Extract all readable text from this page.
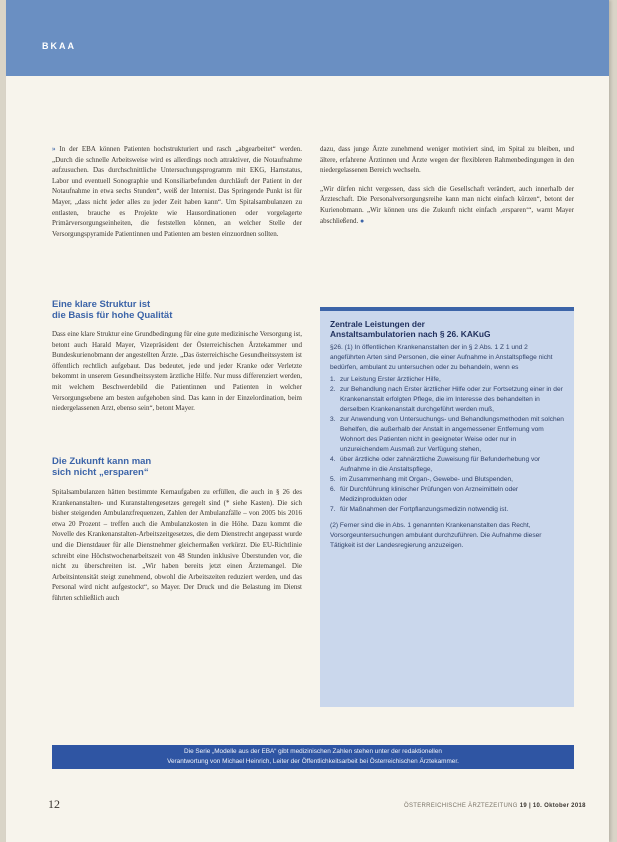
BKAA

» In der EBA können Patienten hochstrukturiert und rasch „abgearbeitet“ werden. „Durch die schnelle Arbeitsweise wird es allerdings noch attraktiver, die Notaufnahme aufzusuchen. Das durchschnittliche Untersuchungsprogramm mit EKG, Harnstatus, Labor und eventuell Sonographie und Konsiliarbefunden durchläuft der Patient in der Notaufnahme in etwa sechs Stunden“, weiß der Internist. Das Springende Punkt ist für Mayer, „dass nicht jeder alles zu jeder Zeit haben kann“. Um Spitalsambulanzen zu entlasten, brauche es Projekte wie Hausordinationen oder vorgelagerte Primärversorgungseinheiten, die feststellen können, an welcher Stelle der Versorgungspyramide Patientinnen und Patienten am besten einzuordnen sollten.

Eine klare Struktur ist

die Basis für hohe Qualität

Dass eine klare Struktur eine Grundbedingung für eine gute medizinische Versorgung ist, betont auch Harald Mayer, Vizepräsident der Österreichischen Ärztekammer und Bundeskurienobmann der angestellten Ärzte. „Das österreichische Gesundheitssystem ist öffentlich rechtlich aufgebaut. Das bedeutet, jede und jeder Kranke oder Verletzte bekommt in unserem Gesundheitssystem ärztliche Hilfe. Nur muss differenziert werden, mit welchem Beschwerdebild die Patientinnen und Patienten in welcher Versorgungsebene am besten aufgehoben sind. Das kann in der Einzelordination, beim niedergelassenen Arzt, ebenso sein“, betont Mayer.

Die Zukunft kann man

sich nicht „ersparen“

Spitalsambulanzen hätten bestimmte Kernaufgaben zu erfüllen, die auch in § 26 des Krankenanstalten- und Kuranstaltengesetzes geregelt sind (* siehe Kasten). Die sich bisher steigenden Ambulanzfrequenzen, Zahlen der Ambulanzfälle – von 2005 bis 2016 etwa 20 Prozent – treffen auch die Ambulanzkosten in die Höhe. Dazu kommt die Novelle des Krankenanstalten-Arbeitszeitgesetzes, die dem Dienstrecht angepasst wurde und die Dienstdauer für alle Dienstnehmer gleichermaßen verkürzt. Die EU-Richtlinie schreibt eine Höchstwochenarbeitszeit von 48 Stunden inklusive Überstunden vor, die nicht zu überschreiten ist. „Wir haben bereits jetzt einen Ärztemangel. Die Arbeitsintensität steigt zunehmend, obwohl die Arbeitszeiten reduziert werden, und das Personal wird nicht aufgestockt“, so Mayer. Der Druck und die Belastung im Dienst führten schließlich auch

dazu, dass junge Ärzte zunehmend weniger motiviert sind, im Spital zu bleiben, und ältere, erfahrene Ärztinnen und Ärzte wegen der flexibleren Rahmenbedingungen in den niedergelassenen Bereich wechseln.

„Wir dürfen nicht vergessen, dass sich die Gesellschaft verändert, auch innerhalb der Ärzteschaft. Die Personalversorgungsreihe kann man nicht einfach kürzen“, betont der Kurienobmann. „Wir können uns die Zukunft nicht einfach ‚ersparen‘“, warnt Mayer abschließend. ●

Zentrale Leistungen der
Anstaltsambulatorien nach § 26. KAKuG

§26. (1) In öffentlichen Krankenanstalten der in § 2 Abs. 1 Z 1 und 2 angeführten Arten sind Personen, die einer Aufnahme in Anstaltspflege nicht bedürfen, ambulant zu untersuchen oder zu behandeln, wenn es

1. zur Leistung Erster ärztlicher Hilfe,
2. zur Behandlung nach Erster ärztlicher Hilfe oder zur Fortsetzung einer in der Krankenanstalt erfolgten Pflege, die im Interesse des behandelten in derselben Krankenanstalt durchgeführt werden muß,
3. zur Anwendung von Untersuchungs- und Behandlungsmethoden mit solchen Behelfen, die außerhalb der Anstalt in angemessener Entfernung vom Wohnort des Patienten nicht in geeigneter Weise oder nur in unzureichendem Ausmaß zur Verfügung stehen,
4. über ärztliche oder zahnärztliche Zuweisung für Befunderhebung vor Aufnahme in die Anstaltspflege,
5. im Zusammenhang mit Organ-, Gewebe- und Blutspenden,
6. für Durchführung klinischer Prüfungen von Arzneimitteln oder Medizinprodukten oder
7. für Maßnahmen der Fortpflanzungsmedizin notwendig ist.

(2) Ferner sind die in Abs. 1 genannten Krankenanstalten das Recht, Vorsorgeuntersuchungen ambulant durchzuführen. Die Aufnahme dieser Tätigkeit ist der Landesregierung anzuzeigen.

Die Serie „Modelle aus der EBA“ gibt medizinischen Zahlen stehen unter der redaktionellen
Verantwortung von Michael Heinrich, Leiter der Öffentlichkeitsarbeit bei Österreichischen Ärztekammer.
12	ÖSTERREICHISCHE ÄRZTEZEITUNG 19 | 10. Oktober 2018
